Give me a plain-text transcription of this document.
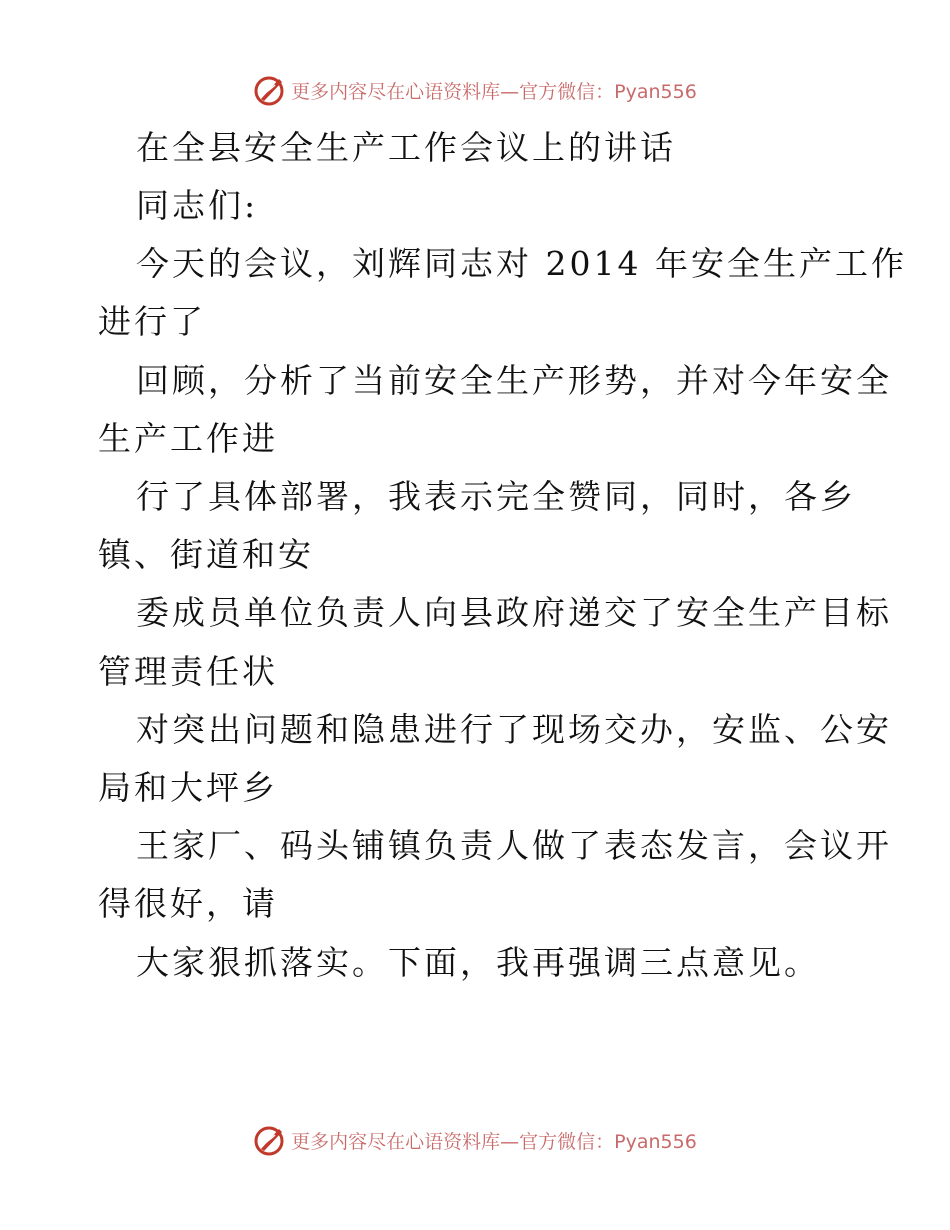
更多内容尽在心语资料库—官方微信：Pyan556
在全县安全生产工作会议上的讲话
同志们:
今天的会议，刘辉同志对 2014 年安全生产工作
进行了
回顾，分析了当前安全生产形势，并对今年安全
生产工作进
行了具体部署，我表示完全赞同，同时，各乡
镇、街道和安
委成员单位负责人向县政府递交了安全生产目标
管理责任状
对突出问题和隐患进行了现场交办，安监、公安
局和大坪乡
王家厂、码头铺镇负责人做了表态发言，会议开
得很好，请
大家狠抓落实。下面，我再强调三点意见。
更多内容尽在心语资料库—官方微信：Pyan556
